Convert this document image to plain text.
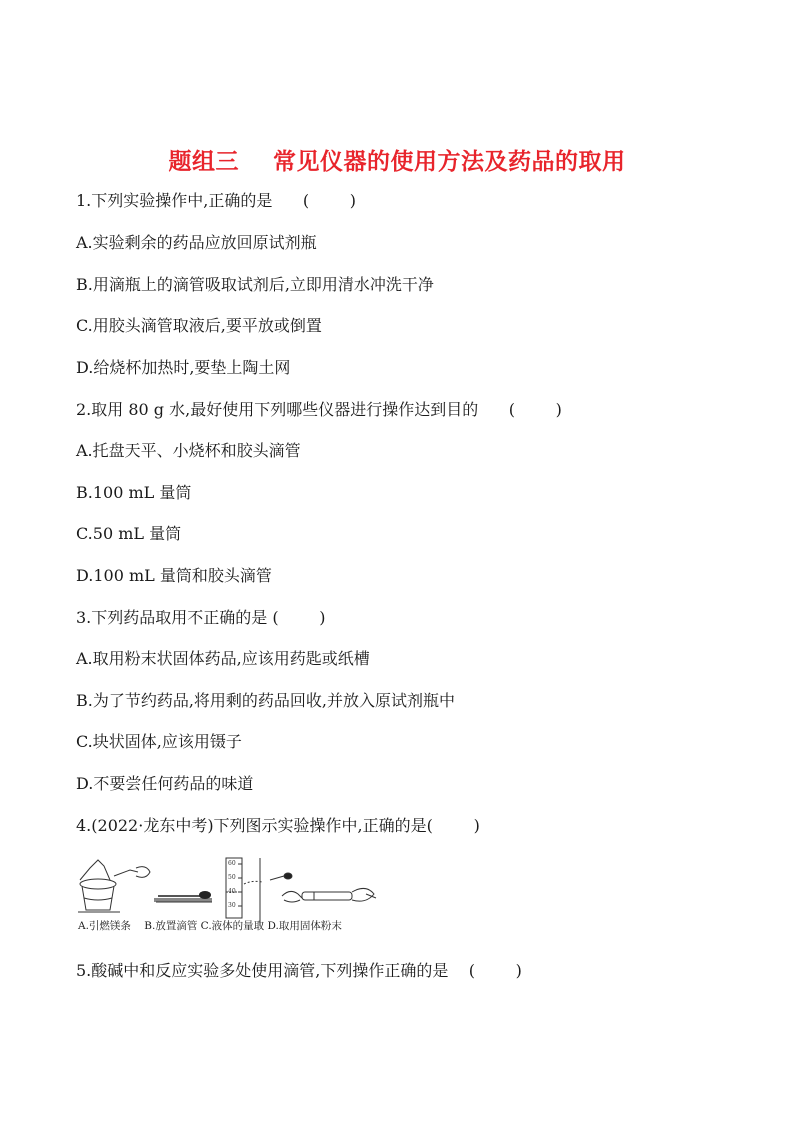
题组三    常见仪器的使用方法及药品的取用
1.下列实验操作中,正确的是      (        )
A.实验剩余的药品应放回原试剂瓶
B.用滴瓶上的滴管吸取试剂后,立即用清水冲洗干净
C.用胶头滴管取液后,要平放或倒置
D.给烧杯加热时,要垫上陶土网
2.取用 80 g 水,最好使用下列哪些仪器进行操作达到目的      (        )
A.托盘天平、小烧杯和胶头滴管
B.100 mL 量筒
C.50 mL 量筒
D.100 mL 量筒和胶头滴管
3.下列药品取用不正确的是 (        )
A.取用粉末状固体药品,应该用药匙或纸槽
B.为了节约药品,将用剩的药品回收,并放入原试剂瓶中
C.块状固体,应该用镊子
D.不要尝任何药品的味道
4.(2022·龙东中考)下列图示实验操作中,正确的是(        )
60
50
40
30
A.引燃镁条    B.放置滴管 C.液体的量取 D.取用固体粉末
5.酸碱中和反应实验多处使用滴管,下列操作正确的是    (        )
